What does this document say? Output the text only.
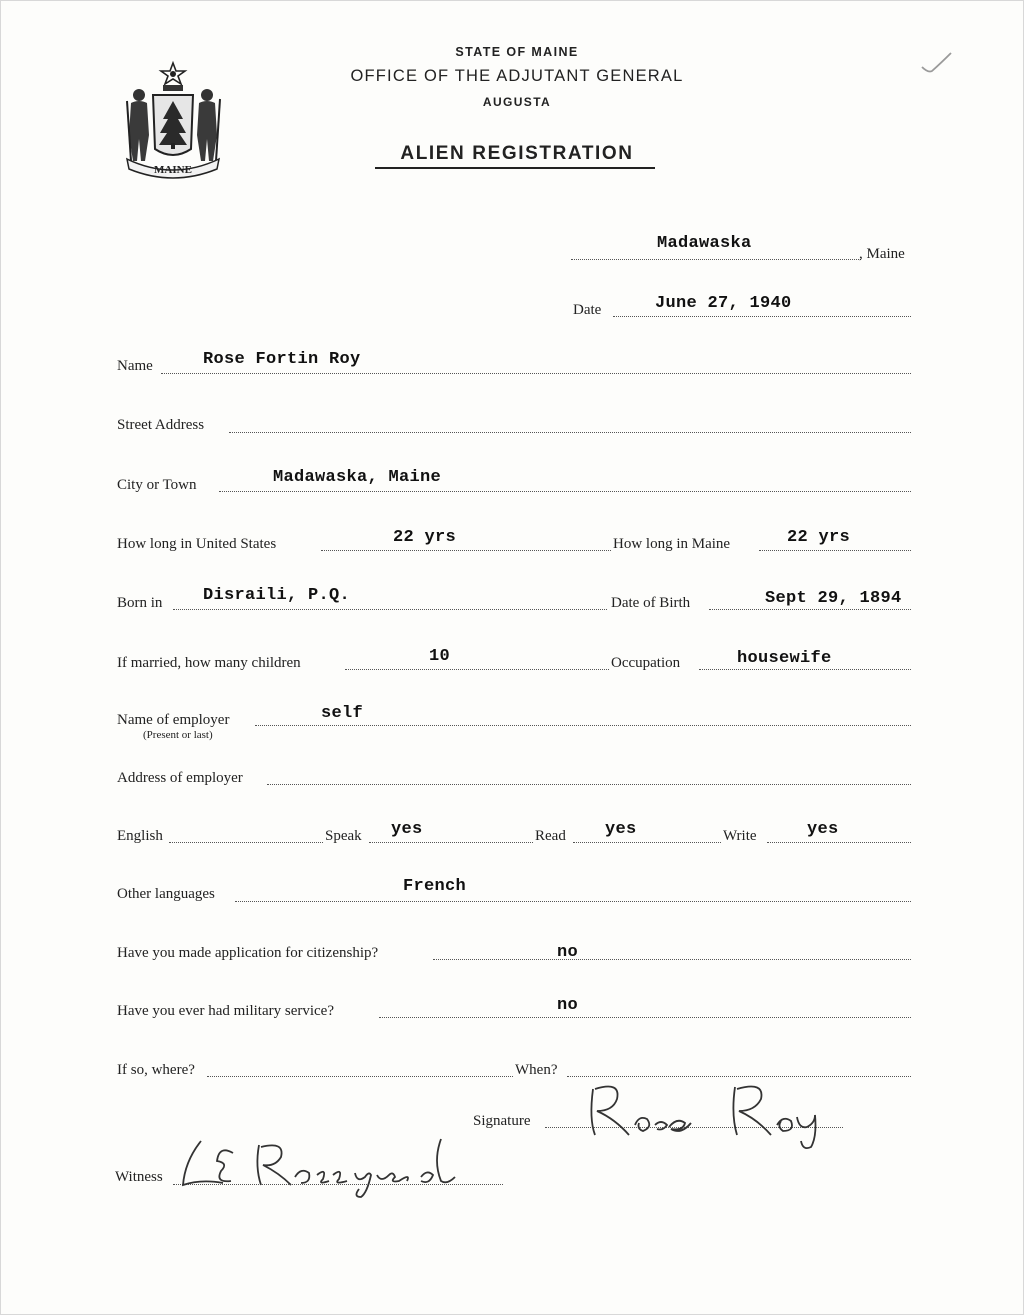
MAINE
STATE OF MAINE
OFFICE OF THE ADJUTANT GENERAL
AUGUSTA
ALIEN REGISTRATION
Madawaska
, Maine
Date	June 27, 1940
Name	Rose Fortin Roy
Street Address
City or Town	Madawaska, Maine
How long in United States	22 yrs	How long in Maine	22 yrs
Born in Disraili, P.Q.	Date of Birth	Sept 29, 1894
If married, how many children	10	Occupation	housewife
Name of employer
(Present or last)
self
Address of employer
English	Speak yes	Read yes	Write	yes
Other languages	French
Have you made application for citizenship?	no
Have you ever had military service?	no
If so, where?	When?
Signature
Witness
